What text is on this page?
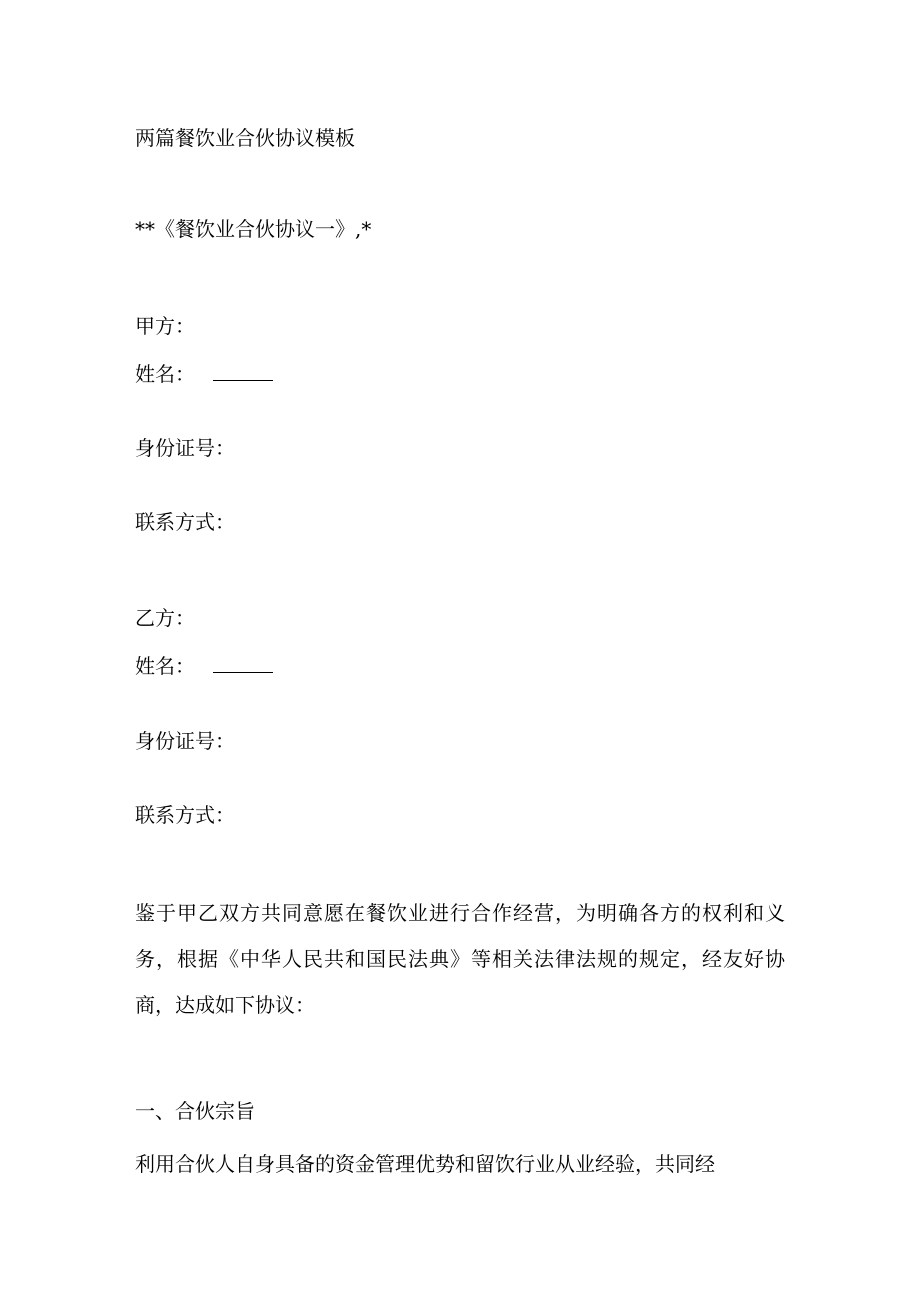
两篇餐饮业合伙协议模板
**《餐饮业合伙协议一》,*
甲方：
姓名：
身份证号：
联系方式：
乙方：
姓名：
身份证号：
联系方式：
鉴于甲乙双方共同意愿在餐饮业进行合作经营，为明确各方的权利和义务，根据《中华人民共和国民法典》等相关法律法规的规定，经友好协商，达成如下协议：
一、合伙宗旨
利用合伙人自身具备的资金管理优势和留饮行业从业经验，共同经
